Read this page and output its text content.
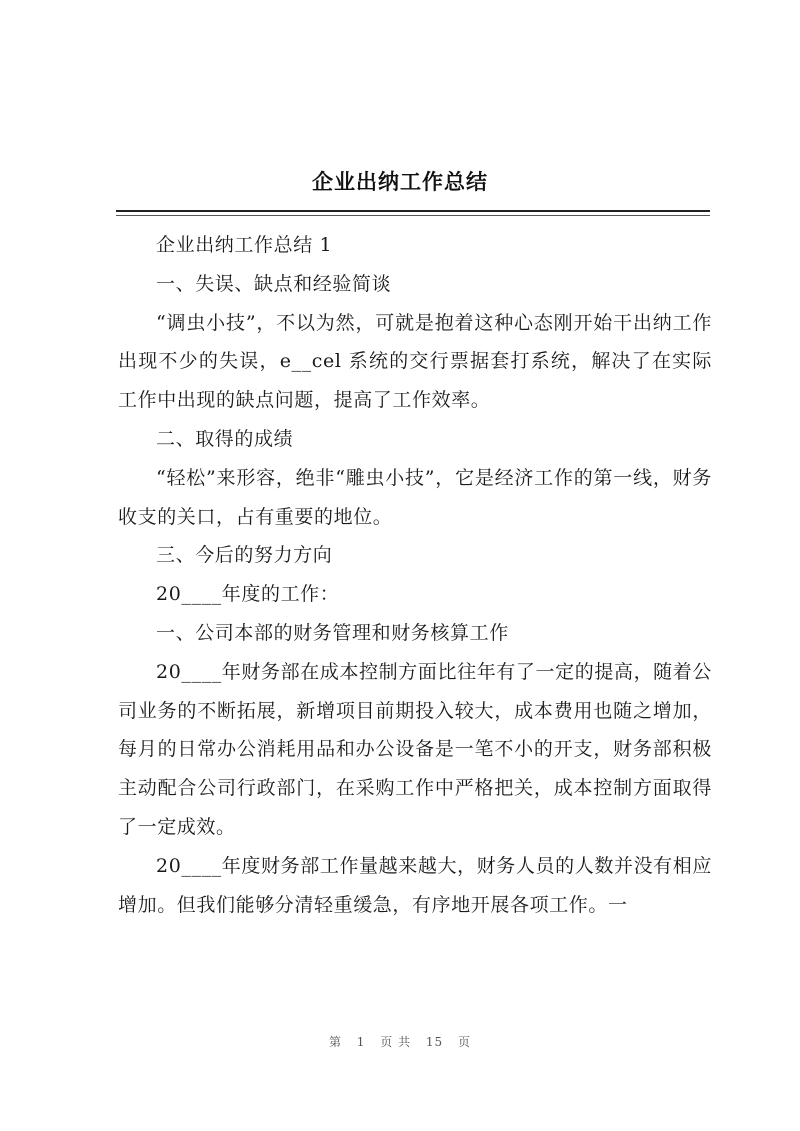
企业出纳工作总结

企业出纳工作总结 1

一、失误、缺点和经验简谈

“调虫小技”，不以为然，可就是抱着这种心态刚开始干出纳工作出现不少的失误，e__cel 系统的交行票据套打系统，解决了在实际工作中出现的缺点问题，提高了工作效率。

二、取得的成绩

“轻松”来形容，绝非“雕虫小技”，它是经济工作的第一线，财务收支的关口，占有重要的地位。

三、今后的努力方向

20____年度的工作：

一、公司本部的财务管理和财务核算工作

20____年财务部在成本控制方面比往年有了一定的提高，随着公司业务的不断拓展，新增项目前期投入较大，成本费用也随之增加，每月的日常办公消耗用品和办公设备是一笔不小的开支，财务部积极主动配合公司行政部门，在采购工作中严格把关，成本控制方面取得了一定成效。

20____年度财务部工作量越来越大，财务人员的人数并没有相应增加。但我们能够分清轻重缓急，有序地开展各项工作。一

第 1 页 共 15 页
